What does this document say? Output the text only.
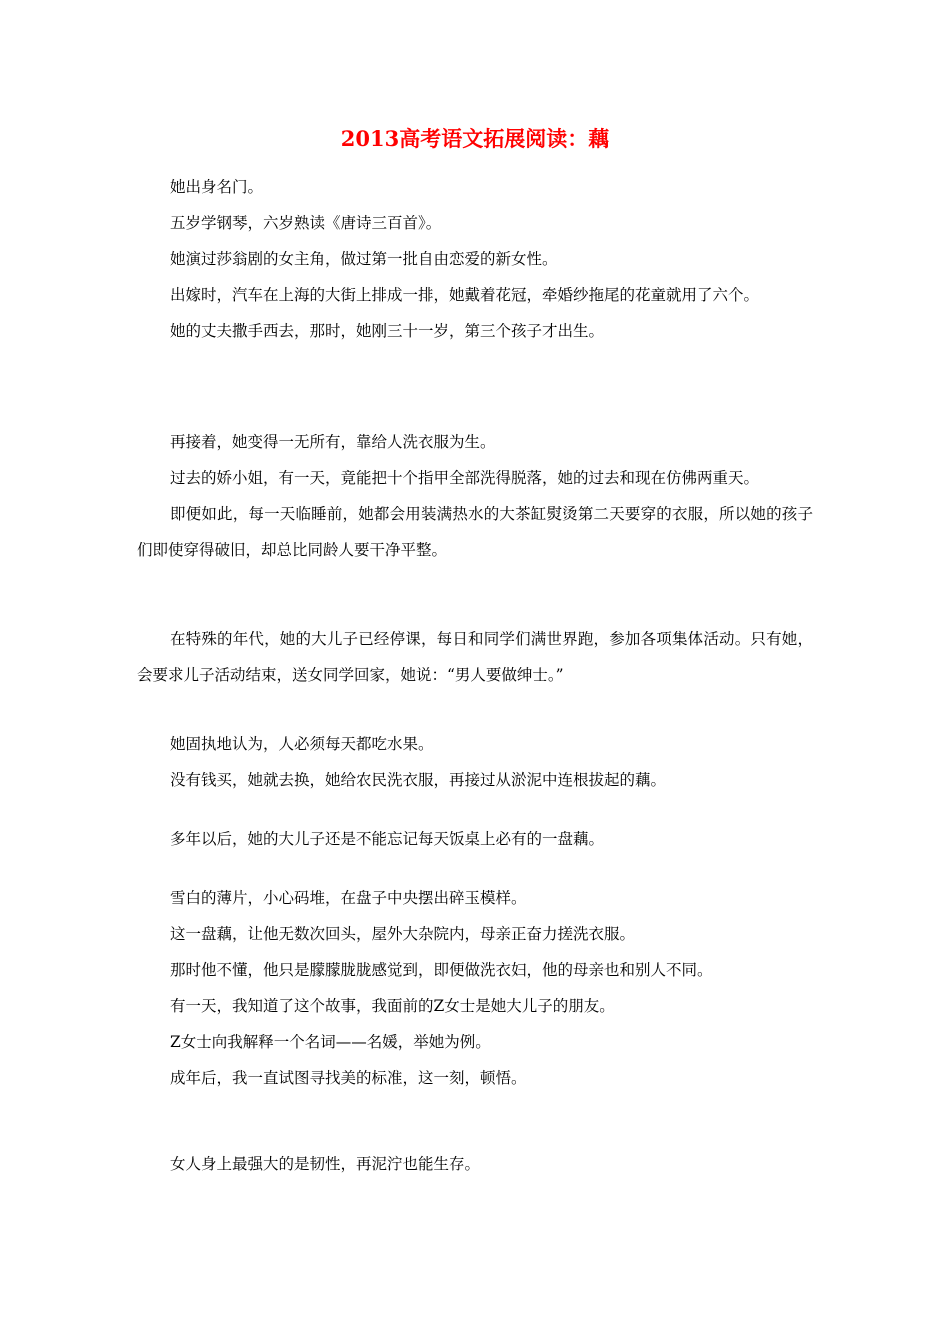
2013高考语文拓展阅读：藕
她出身名门。
五岁学钢琴，六岁熟读《唐诗三百首》。
她演过莎翁剧的女主角，做过第一批自由恋爱的新女性。
出嫁时，汽车在上海的大街上排成一排，她戴着花冠，牵婚纱拖尾的花童就用了六个。
她的丈夫撒手西去，那时，她刚三十一岁，第三个孩子才出生。
再接着，她变得一无所有，靠给人洗衣服为生。
过去的娇小姐，有一天，竟能把十个指甲全部洗得脱落，她的过去和现在仿佛两重天。
即便如此，每一天临睡前，她都会用装满热水的大茶缸熨烫第二天要穿的衣服，所以她的孩子们即使穿得破旧，却总比同龄人要干净平整。
在特殊的年代，她的大儿子已经停课，每日和同学们满世界跑，参加各项集体活动。只有她，会要求儿子活动结束，送女同学回家，她说：“男人要做绅士。”
她固执地认为，人必须每天都吃水果。
没有钱买，她就去换，她给农民洗衣服，再接过从淤泥中连根拔起的藕。
多年以后，她的大儿子还是不能忘记每天饭桌上必有的一盘藕。
雪白的薄片，小心码堆，在盘子中央摆出碎玉模样。
这一盘藕，让他无数次回头，屋外大杂院内，母亲正奋力搓洗衣服。
那时他不懂，他只是朦朦胧胧感觉到，即便做洗衣妇，他的母亲也和别人不同。
有一天，我知道了这个故事，我面前的Z女士是她大儿子的朋友。
Z女士向我解释一个名词——名媛，举她为例。
成年后，我一直试图寻找美的标准，这一刻，顿悟。
女人身上最强大的是韧性，再泥泞也能生存。
